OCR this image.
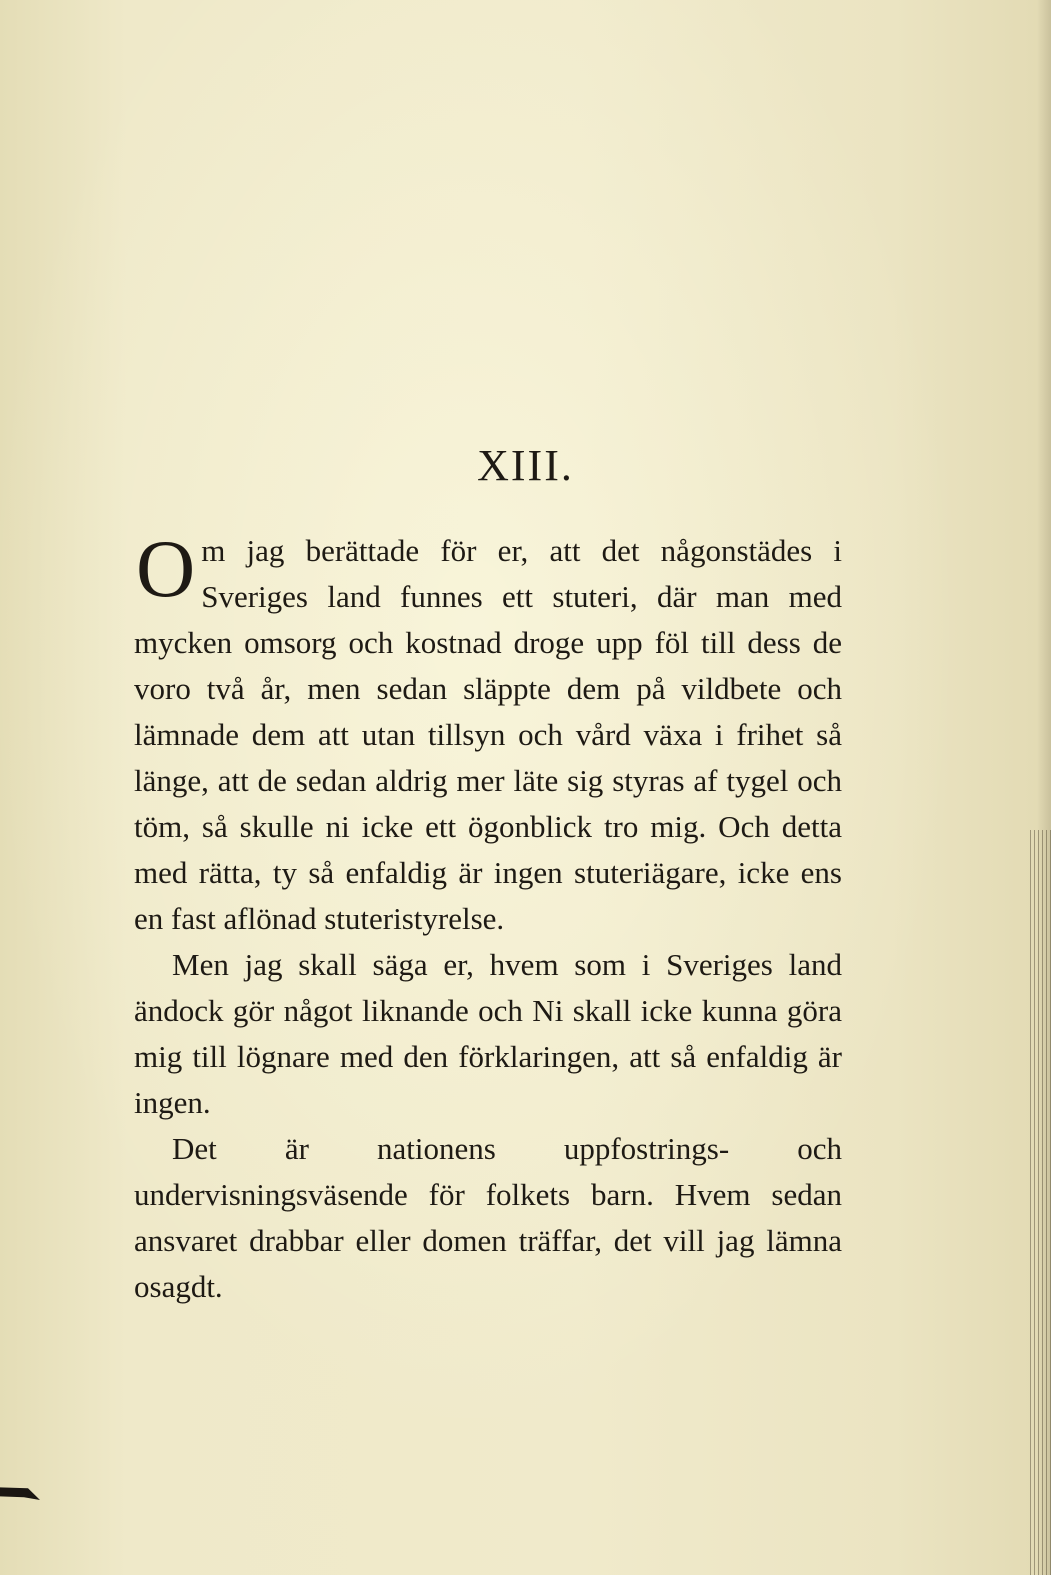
XIII.

Om jag berättade för er, att det någonstädes i Sveriges land funnes ett stuteri, där man med mycken omsorg och kostnad droge upp föl till dess de voro två år, men sedan släppte dem på vildbete och lämnade dem att utan tillsyn och vård växa i frihet så länge, att de sedan aldrig mer läte sig styras af tygel och töm, så skulle ni icke ett ögonblick tro mig. Och detta med rätta, ty så enfaldig är ingen stuteriägare, icke ens en fast aflönad stuteristyrelse.

Men jag skall säga er, hvem som i Sveriges land ändock gör något liknande och Ni skall icke kunna göra mig till lögnare med den förklaringen, att så enfaldig är ingen.

Det är nationens uppfostrings- och undervisningsväsende för folkets barn. Hvem sedan ansvaret drabbar eller domen träffar, det vill jag lämna osagdt.
